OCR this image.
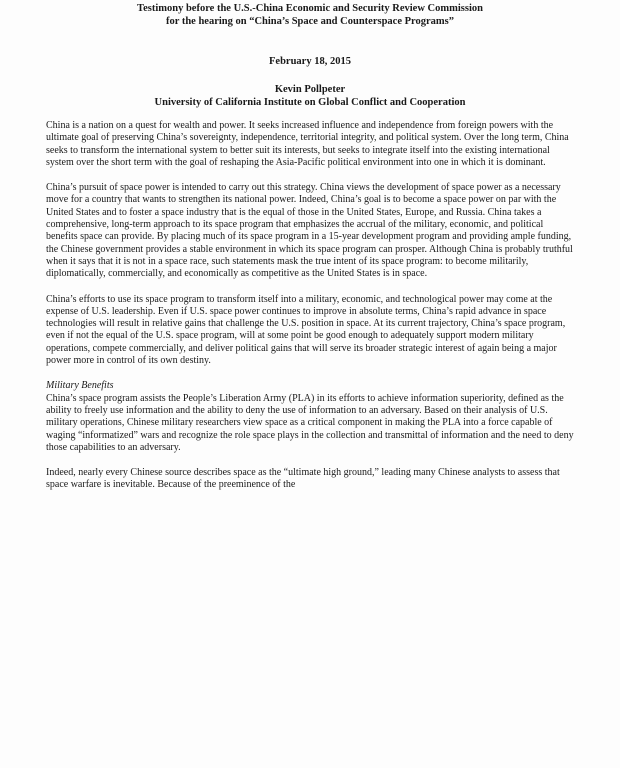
Testimony before the U.S.-China Economic and Security Review Commission
for the hearing on “China’s Space and Counterspace Programs”
February 18, 2015
Kevin Pollpeter
University of California Institute on Global Conflict and Cooperation

China is a nation on a quest for wealth and power. It seeks increased influence and independence from foreign powers with the ultimate goal of preserving China’s sovereignty, independence, territorial integrity, and political system. Over the long term, China seeks to transform the international system to better suit its interests, but seeks to integrate itself into the existing international system over the short term with the goal of reshaping the Asia-Pacific political environment into one in which it is dominant.

China’s pursuit of space power is intended to carry out this strategy. China views the development of space power as a necessary move for a country that wants to strengthen its national power. Indeed, China’s goal is to become a space power on par with the United States and to foster a space industry that is the equal of those in the United States, Europe, and Russia. China takes a comprehensive, long-term approach to its space program that emphasizes the accrual of the military, economic, and political benefits space can provide. By placing much of its space program in a 15-year development program and providing ample funding, the Chinese government provides a stable environment in which its space program can prosper. Although China is probably truthful when it says that it is not in a space race, such statements mask the true intent of its space program: to become militarily, diplomatically, commercially, and economically as competitive as the United States is in space.

China’s efforts to use its space program to transform itself into a military, economic, and technological power may come at the expense of U.S. leadership. Even if U.S. space power continues to improve in absolute terms, China’s rapid advance in space technologies will result in relative gains that challenge the U.S. position in space. At its current trajectory, China’s space program, even if not the equal of the U.S. space program, will at some point be good enough to adequately support modern military operations, compete commercially, and deliver political gains that will serve its broader strategic interest of again being a major power more in control of its own destiny.

Military Benefits

China’s space program assists the People’s Liberation Army (PLA) in its efforts to achieve information superiority, defined as the ability to freely use information and the ability to deny the use of information to an adversary. Based on their analysis of U.S. military operations, Chinese military researchers view space as a critical component in making the PLA into a force capable of waging “informatized” wars and recognize the role space plays in the collection and transmittal of information and the need to deny those capabilities to an adversary.

Indeed, nearly every Chinese source describes space as the “ultimate high ground,” leading many Chinese analysts to assess that space warfare is inevitable. Because of the preeminence of the
